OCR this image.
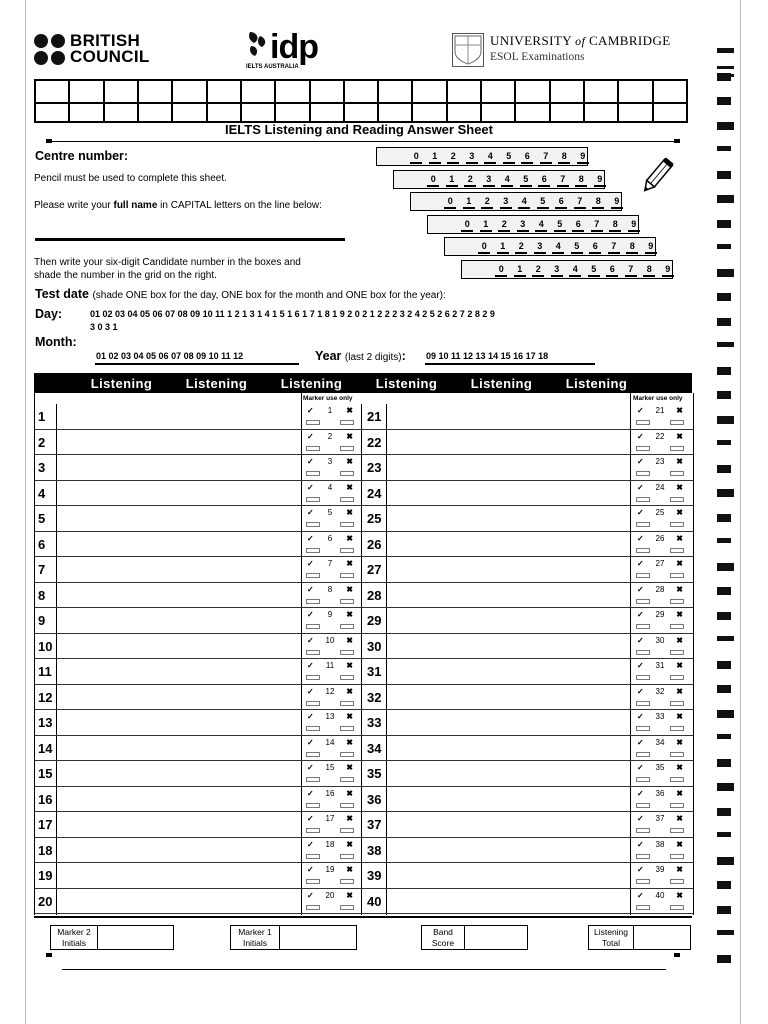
BRITISH
COUNCIL	idp
IELTS AUSTRALIA
UNIVERSITY of CAMBRIDGE
ESOL Examinations
IELTS Listening and Reading Answer Sheet
Centre number:
Pencil must be used to complete this sheet.
Please write your full name in CAPITAL letters on the line below:
Then write your six-digit Candidate number in the boxes and
shade the number in the grid on the right.
0	1	2	3	4	5	6	7	8	9
0	1	2	3	4	5	6	7	8	9
0	1	2	3	4	5	6	7	8	9
0	1	2	3	4	5	6	7	8	9
0	1	2	3	4	5	6	7	8	9
0	1	2	3	4	5	6	7	8	9
Test date (shade ONE box for the day, ONE box for the month and ONE box for the year):
Day:	01 02 03 04 05 06 07 08 09 10 11 1 2 1 3 1 4 1 5 1 6 1 7 1 8 1 9 2 0 2 1 2 2 2 3 2 4 2 5 2 6 2 7 2 8 2 9
3 0 3 1
Month:
01 02 03 04 05 06 07 08 09 10 11 12	Year (last 2 digits): 09 10 11 12 13 14 15 16 17 18
Listening	Listening	Listening	Listening	Listening	Listening
Marker use only	Marker use only
1	✓	1	✖ 21	✓	21	✖
2	✓	2	✖ 22	✓	22	✖
3	✓	3	✖ 23	✓	23	✖
4	✓	4	✖ 24	✓	24	✖
5	✓	5	✖ 25	✓	25	✖
6	✓	6	✖ 26	✓	26	✖
7	✓	7	✖ 27	✓	27	✖
8	✓	8	✖ 28	✓	28	✖
9	✓	9	✖ 29	✓	29	✖
10	✓	10	✖ 30	✓	30	✖
11	✓	11	✖ 31	✓	31	✖
12	✓	12	✖ 32	✓	32	✖
13	✓	13	✖ 33	✓	33	✖
14	✓	14	✖ 34	✓	34	✖
15	✓	15	✖ 35	✓	35	✖
16	✓	16	✖ 36	✓	36	✖
17	✓	17	✖ 37	✓	37	✖
18	✓	18	✖ 38	✓	38	✖
19	✓	19	✖ 39	✓	39	✖
20	✓	20	✖ 40	✓	40	✖
Marker 2
Initials
Marker 1
Initials
Band
Score
Listening
Total
